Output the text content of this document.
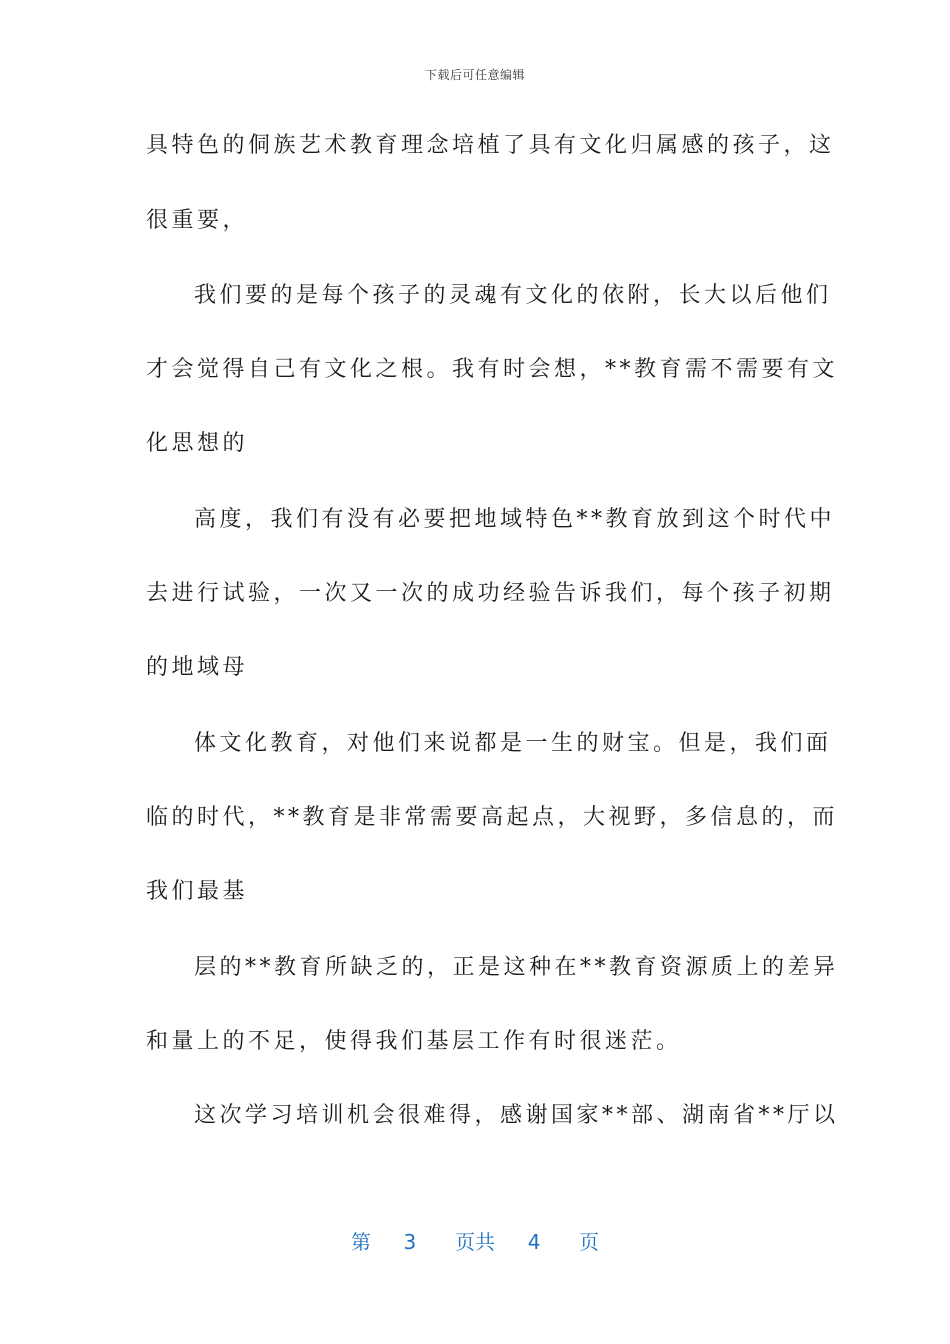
下载后可任意编辑
具特色的侗族艺术教育理念培植了具有文化归属感的孩子，这
很重要，
我们要的是每个孩子的灵魂有文化的依附，长大以后他们
才会觉得自己有文化之根。我有时会想，**教育需不需要有文
化思想的
高度，我们有没有必要把地域特色**教育放到这个时代中
去进行试验，一次又一次的成功经验告诉我们，每个孩子初期
的地域母
体文化教育，对他们来说都是一生的财宝。但是，我们面
临的时代，**教育是非常需要高起点，大视野，多信息的，而
我们最基
层的**教育所缺乏的，正是这种在**教育资源质上的差异
和量上的不足，使得我们基层工作有时很迷茫。
这次学习培训机会很难得，感谢国家**部、湖南省**厅以
第 3 页共 4 页
